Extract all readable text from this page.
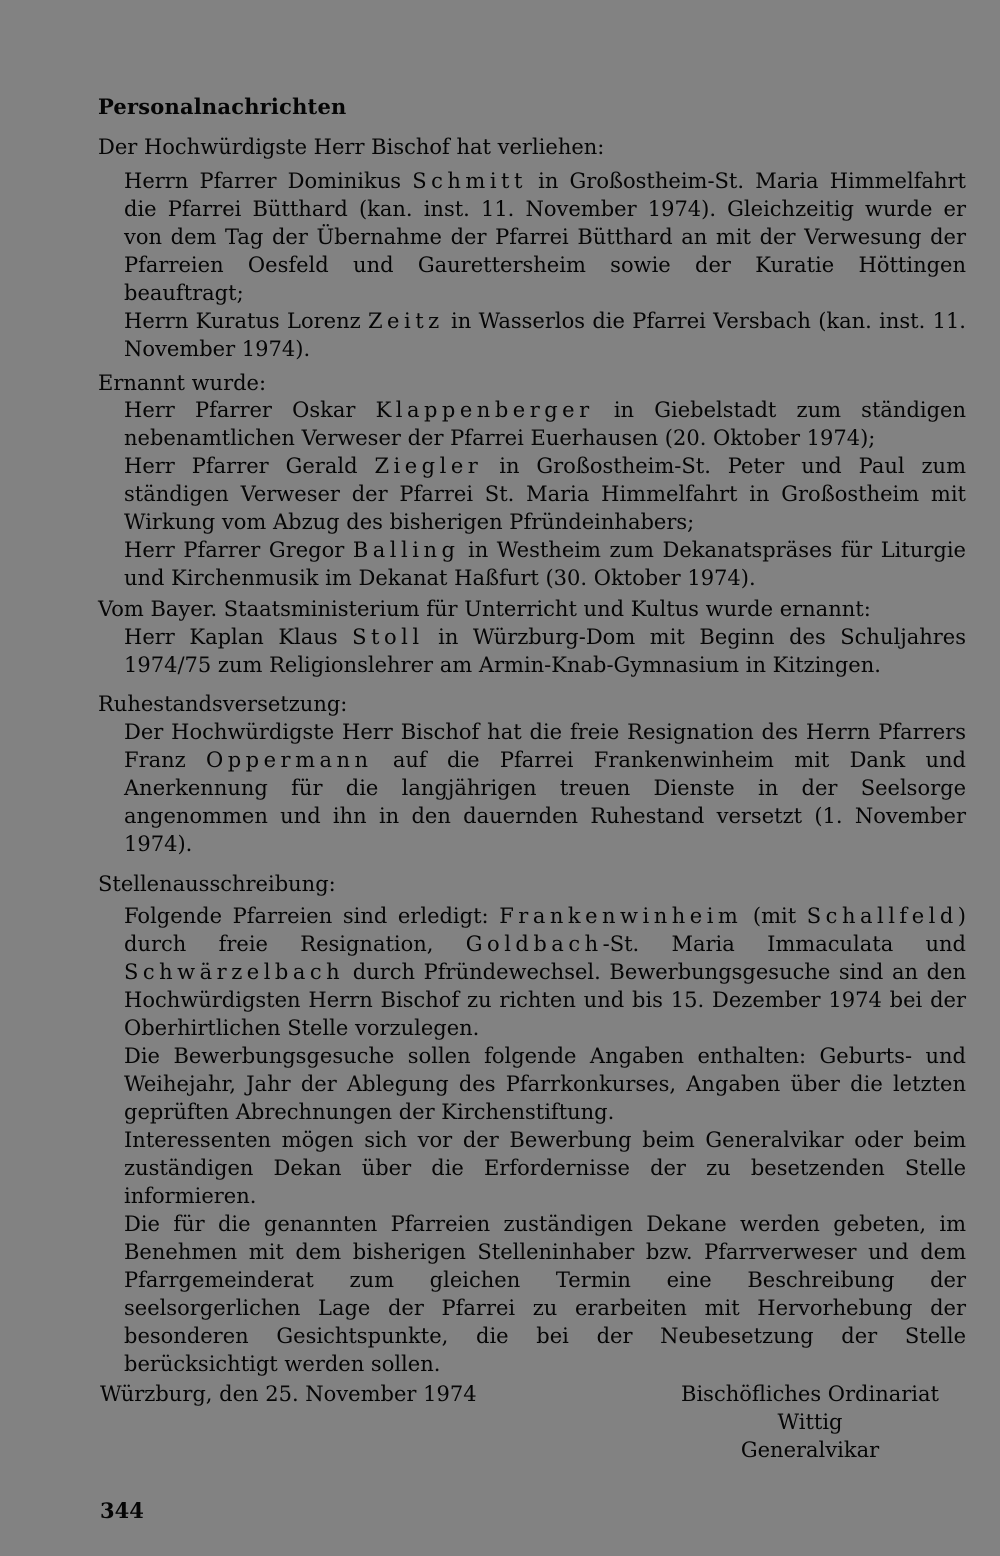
Personalnachrichten
Der Hochwürdigste Herr Bischof hat verliehen:

Herrn Pfarrer Dominikus Schmitt in Großostheim-St. Maria Himmelfahrt die Pfarrei Bütthard (kan. inst. 11. November 1974). Gleichzeitig wurde er von dem Tag der Übernahme der Pfarrei Bütthard an mit der Verwesung der Pfarreien Oesfeld und Gaurettersheim sowie der Kuratie Höttingen beauftragt;

Herrn Kuratus Lorenz Zeitz in Wasserlos die Pfarrei Versbach (kan. inst. 11. November 1974).

Ernannt wurde:

Herr Pfarrer Oskar Klappenberger in Giebelstadt zum ständigen nebenamtlichen Verweser der Pfarrei Euerhausen (20. Oktober 1974);

Herr Pfarrer Gerald Ziegler in Großostheim-St. Peter und Paul zum ständigen Verweser der Pfarrei St. Maria Himmelfahrt in Großostheim mit Wirkung vom Abzug des bisherigen Pfründeinhabers;

Herr Pfarrer Gregor Balling in Westheim zum Dekanatspräses für Liturgie und Kirchenmusik im Dekanat Haßfurt (30. Oktober 1974).

Vom Bayer. Staatsministerium für Unterricht und Kultus wurde ernannt:

Herr Kaplan Klaus Stoll in Würzburg-Dom mit Beginn des Schuljahres 1974/75 zum Religionslehrer am Armin-Knab-Gymnasium in Kitzingen.

Ruhestandsversetzung:

Der Hochwürdigste Herr Bischof hat die freie Resignation des Herrn Pfarrers Franz Oppermann auf die Pfarrei Frankenwinheim mit Dank und Anerkennung für die langjährigen treuen Dienste in der Seelsorge angenommen und ihn in den dauernden Ruhestand versetzt (1. November 1974).

Stellenausschreibung:

Folgende Pfarreien sind erledigt: Frankenwinheim (mit Schallfeld) durch freie Resignation, Goldbach-St. Maria Immaculata und Schwärzelbach durch Pfründewechsel. Bewerbungsgesuche sind an den Hochwürdigsten Herrn Bischof zu richten und bis 15. Dezember 1974 bei der Oberhirtlichen Stelle vorzulegen.

Die Bewerbungsgesuche sollen folgende Angaben enthalten: Geburts- und Weihejahr, Jahr der Ablegung des Pfarrkonkurses, Angaben über die letzten geprüften Abrechnungen der Kirchenstiftung.

Interessenten mögen sich vor der Bewerbung beim Generalvikar oder beim zuständigen Dekan über die Erfordernisse der zu besetzenden Stelle informieren.

Die für die genannten Pfarreien zuständigen Dekane werden gebeten, im Benehmen mit dem bisherigen Stelleninhaber bzw. Pfarrverweser und dem Pfarrgemeinderat zum gleichen Termin eine Beschreibung der seelsorgerlichen Lage der Pfarrei zu erarbeiten mit Hervorhebung der besonderen Gesichtspunkte, die bei der Neubesetzung der Stelle berücksichtigt werden sollen.

Würzburg, den 25. November 1974	Bischöfliches Ordinariat
Wittig
Generalvikar
344
